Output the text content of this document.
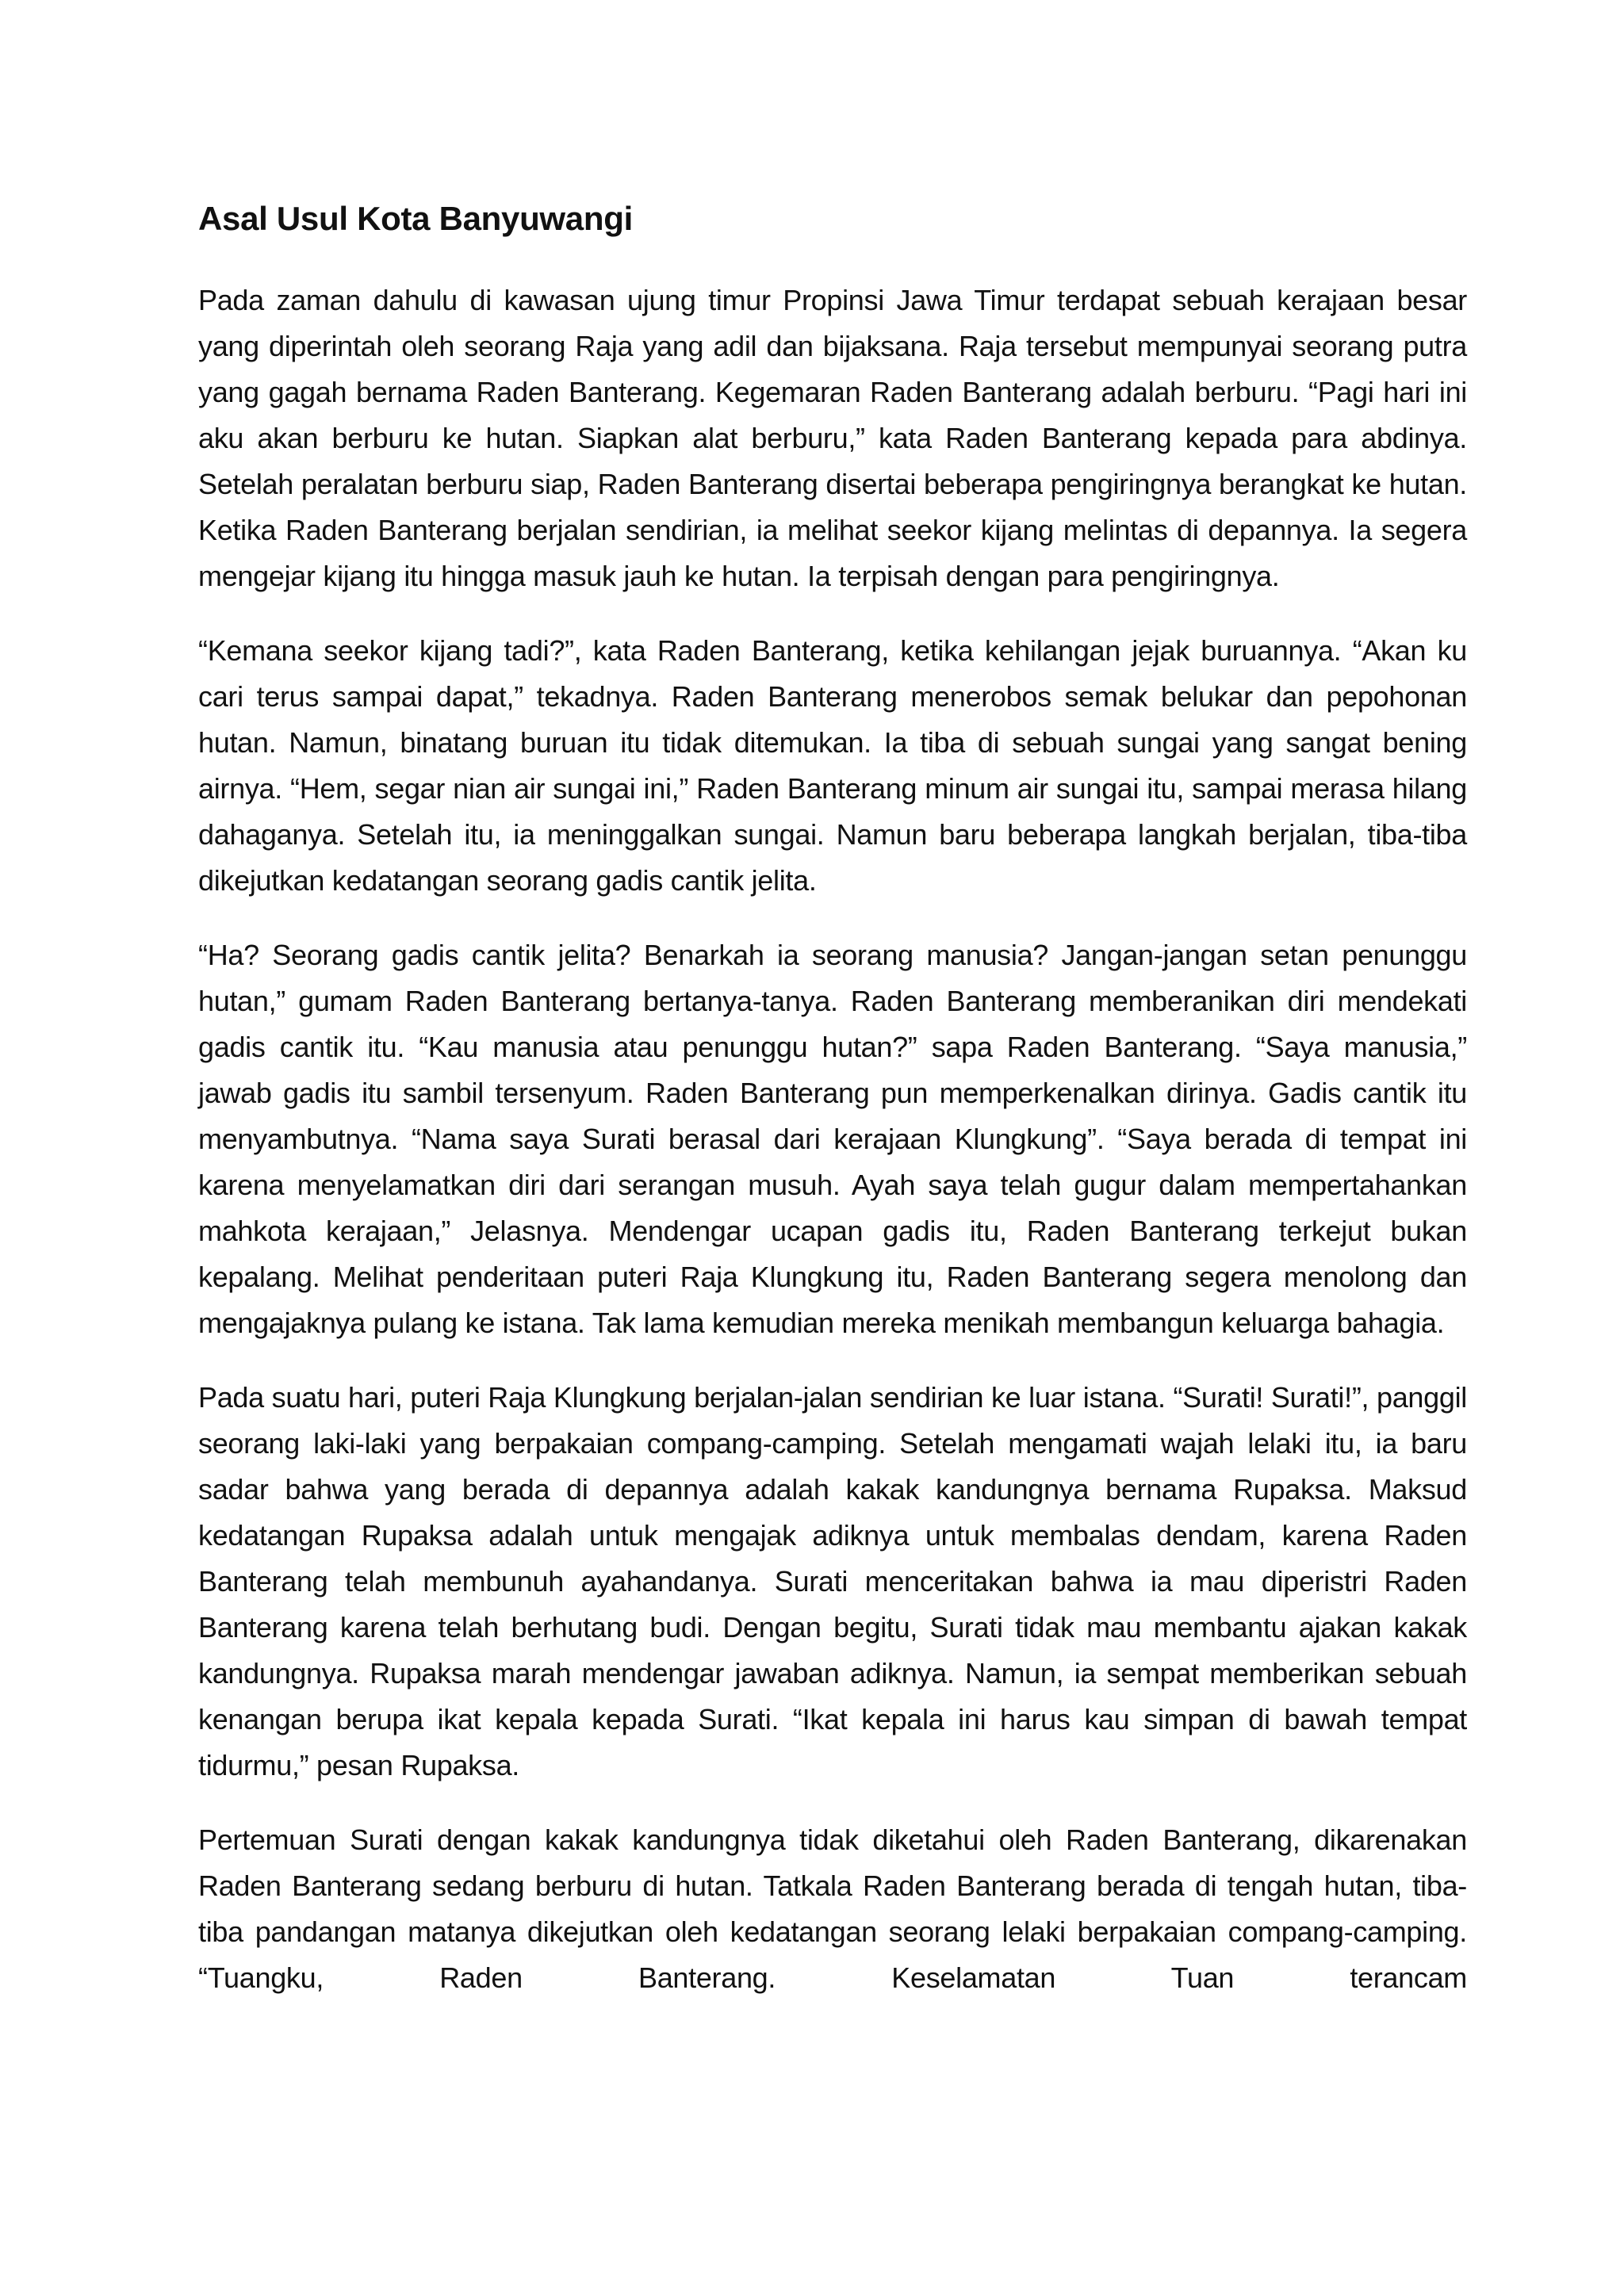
Asal Usul Kota Banyuwangi

Pada zaman dahulu di kawasan ujung timur Propinsi Jawa Timur terdapat sebuah kerajaan besar yang diperintah oleh seorang Raja yang adil dan bijaksana. Raja tersebut mempunyai seorang putra yang gagah bernama Raden Banterang. Kegemaran Raden Banterang adalah berburu. “Pagi hari ini aku akan berburu ke hutan. Siapkan alat berburu,” kata Raden Banterang kepada para abdinya. Setelah peralatan berburu siap, Raden Banterang disertai beberapa pengiringnya berangkat ke hutan. Ketika Raden Banterang berjalan sendirian, ia melihat seekor kijang melintas di depannya. Ia segera mengejar kijang itu hingga masuk jauh ke hutan. Ia terpisah dengan para pengiringnya.

“Kemana seekor kijang tadi?”, kata Raden Banterang, ketika kehilangan jejak buruannya. “Akan ku cari terus sampai dapat,” tekadnya. Raden Banterang menerobos semak belukar dan pepohonan hutan. Namun, binatang buruan itu tidak ditemukan. Ia tiba di sebuah sungai yang sangat bening airnya. “Hem, segar nian air sungai ini,” Raden Banterang minum air sungai itu, sampai merasa hilang dahaganya. Setelah itu, ia meninggalkan sungai. Namun baru beberapa langkah berjalan, tiba-tiba dikejutkan kedatangan seorang gadis cantik jelita.

“Ha? Seorang gadis cantik jelita? Benarkah ia seorang manusia? Jangan-jangan setan penunggu hutan,” gumam Raden Banterang bertanya-tanya. Raden Banterang memberanikan diri mendekati gadis cantik itu. “Kau manusia atau penunggu hutan?” sapa Raden Banterang. “Saya manusia,” jawab gadis itu sambil tersenyum. Raden Banterang pun memperkenalkan dirinya. Gadis cantik itu menyambutnya. “Nama saya Surati berasal dari kerajaan Klungkung”. “Saya berada di tempat ini karena menyelamatkan diri dari serangan musuh. Ayah saya telah gugur dalam mempertahankan mahkota kerajaan,” Jelasnya. Mendengar ucapan gadis itu, Raden Banterang terkejut bukan kepalang. Melihat penderitaan puteri Raja Klungkung itu, Raden Banterang segera menolong dan mengajaknya pulang ke istana. Tak lama kemudian mereka menikah membangun keluarga bahagia.

Pada suatu hari, puteri Raja Klungkung berjalan-jalan sendirian ke luar istana. “Surati! Surati!”, panggil seorang laki-laki yang berpakaian compang-camping. Setelah mengamati wajah lelaki itu, ia baru sadar bahwa yang berada di depannya adalah kakak kandungnya bernama Rupaksa. Maksud kedatangan Rupaksa adalah untuk mengajak adiknya untuk membalas dendam, karena Raden Banterang telah membunuh ayahandanya. Surati menceritakan bahwa ia mau diperistri Raden Banterang karena telah berhutang budi. Dengan begitu, Surati tidak mau membantu ajakan kakak kandungnya. Rupaksa marah mendengar jawaban adiknya. Namun, ia sempat memberikan sebuah kenangan berupa ikat kepala kepada Surati. “Ikat kepala ini harus kau simpan di bawah tempat tidurmu,” pesan Rupaksa.

Pertemuan Surati dengan kakak kandungnya tidak diketahui oleh Raden Banterang, dikarenakan Raden Banterang sedang berburu di hutan. Tatkala Raden Banterang berada di tengah hutan, tiba-tiba pandangan matanya dikejutkan oleh kedatangan seorang lelaki berpakaian compang-camping. “Tuangku, Raden Banterang. Keselamatan Tuan terancam
